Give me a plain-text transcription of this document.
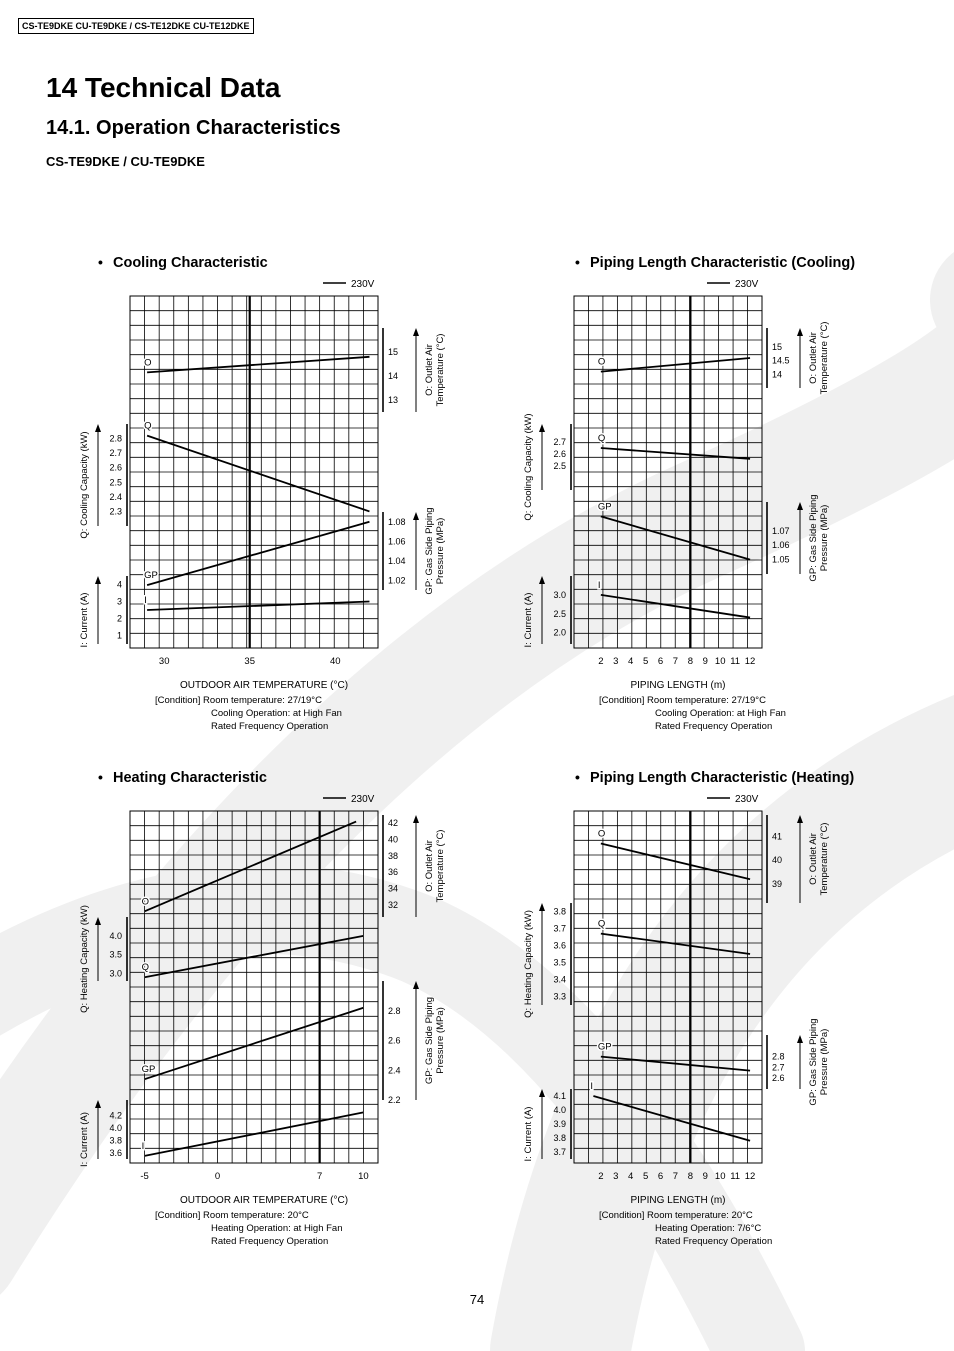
CS-TE9DKE CU-TE9DKE / CS-TE12DKE CU-TE12DKE
14 Technical Data
14.1. Operation Characteristics
CS-TE9DKE / CU-TE9DKE
• Cooling Characteristic
230V
30	35	40
OUTDOOR AIR TEMPERATURE (°C)
[Condition] Room temperature: 27/19°C
Cooling Operation: at High Fan
Rated Frequency Operation
15
14
13
O: Outlet AirTemperature (°C)
2.8
2.7
2.6
2.5
2.4
2.3
Q: Cooling Capacity (kW)	1.08
1.06
1.04
1.02 GP: Gas Side PipingPressure (MPa)
4
3
2
1
I: Current (A)
O
Q
GP
I
• Piping Length Characteristic (Cooling)
230V
2 3 4 5 6 7 8 9 10 11 12
PIPING LENGTH (m)
[Condition] Room temperature: 27/19°C
Cooling Operation: at High Fan
Rated Frequency Operation
15
14.5
14	O: Outlet AirTemperature (°C)
2.7
2.6
2.5
Q: Cooling Capacity (kW)
1.07
1.06
1.05 GP: Gas Side PipingPressure (MPa)
3.0
2.5
2.0
I: Current (A)
O
Q
GP
I
• Heating Characteristic
230V
-5	0	7	10
OUTDOOR AIR TEMPERATURE (°C)
[Condition] Room temperature: 20°C
Heating Operation: at High Fan
Rated Frequency Operation
42
40
38
36
34
32
O: Outlet AirTemperature (°C)
4.0
3.5
3.0
Q: Heating Capacity (kW)	2.8
2.6
2.4
2.2
GP: Gas Side PipingPressure (MPa)
4.2
4.0
3.8
3.6
I: Current (A)
O
Q
GP
I
• Piping Length Characteristic (Heating)
230V
2 3 4 5 6 7 8 9 10 11 12
PIPING LENGTH (m)
[Condition] Room temperature: 20°C
Heating Operation: 7/6°C
Rated Frequency Operation
41
40
39	O: Outlet AirTemperature (°C)
3.8
3.7
3.6
3.5
3.4
3.3
Q: Heating Capacity (kW)
2.8
2.7
2.6 GP: Gas Side PipingPressure (MPa)
4.1
4.0
3.9
3.8
3.7
I: Current (A)
O
Q
GP
I
74
